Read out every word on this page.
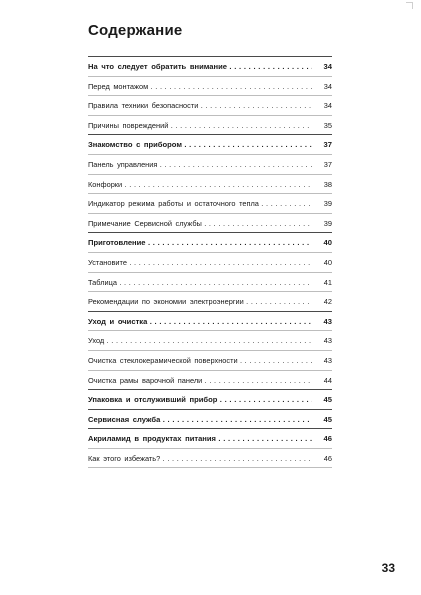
Содержание
На что следует обратить внимание . . .	34
Перед монтажом . . .	34
Правила техники безопасности . . .	34
Причины повреждений . . .	35
Знакомство с прибором . . .	37
Панель управления . . .	37
Конфорки . . .	38
Индикатор режима работы и остаточного тепла . . .	39
Примечание Сервисной службы . . .	39
Приготовление . . .	40
Установите . . .	40
Таблица . . .	41
Рекомендации по экономии электроэнергии . . .	42
Уход и очистка . . .	43
Уход . . .	43
Очистка стеклокерамической поверхности . . .	43
Очистка рамы варочной панели . . .	44
Упаковка и отслуживший прибор . . .	45
Сервисная служба . . .	45
Акриламид в продуктах питания . . .	46
Как этого избежать? . . .	46
33
